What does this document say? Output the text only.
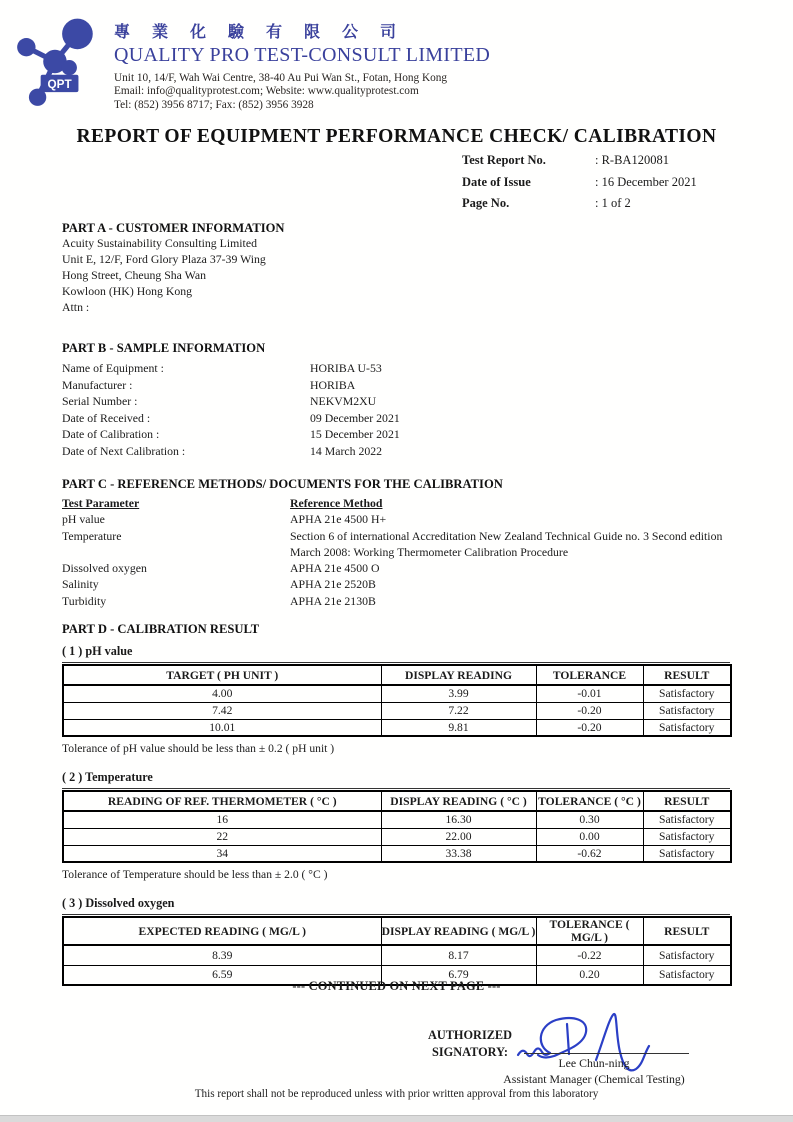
QPT
專 業 化 驗 有 限 公 司
QUALITY PRO TEST-CONSULT LIMITED
Unit 10, 14/F, Wah Wai Centre, 38-40 Au Pui Wan St., Fotan, Hong Kong
Email: info@qualityprotest.com; Website: www.qualityprotest.com
Tel: (852) 3956 8717; Fax: (852) 3956 3928
REPORT OF EQUIPMENT PERFORMANCE CHECK/ CALIBRATION
Test Report No.	: R-BA120081
Date of Issue	: 16 December 2021
Page No.	: 1 of 2
PART A - CUSTOMER INFORMATION
Acuity Sustainability Consulting Limited
Unit E, 12/F, Ford Glory Plaza 37-39 Wing
Hong Street, Cheung Sha Wan
Kowloon (HK) Hong Kong
Attn :
PART B - SAMPLE INFORMATION
Name of Equipment :	HORIBA U-53
Manufacturer :	HORIBA
Serial Number :	NEKVM2XU
Date of Received :	09 December 2021
Date of Calibration :	15 December 2021
Date of Next Calibration :	14 March 2022
PART C - REFERENCE METHODS/ DOCUMENTS FOR THE CALIBRATION
Test Parameter	Reference Method
pH value	APHA 21e 4500 H+
Temperature	Section 6 of international Accreditation New Zealand Technical Guide no. 3 Second edition March 2008: Working Thermometer Calibration Procedure
Dissolved oxygen	APHA 21e 4500 O
Salinity	APHA 21e 2520B
Turbidity	APHA 21e 2130B
PART D - CALIBRATION RESULT
( 1 ) pH value
TARGET ( PH UNIT )	DISPLAY READING	TOLERANCE	RESULT
4.00	3.99	-0.01	Satisfactory
7.42	7.22	-0.20	Satisfactory
10.01	9.81	-0.20	Satisfactory
Tolerance of pH value should be less than ± 0.2 ( pH unit )
( 2 ) Temperature
READING OF REF. THERMOMETER ( °C )	DISPLAY READING ( °C )	TOLERANCE ( °C )	RESULT
16	16.30	0.30	Satisfactory
22	22.00	0.00	Satisfactory
34	33.38	-0.62	Satisfactory
Tolerance of Temperature should be less than ± 2.0 ( °C )
( 3 ) Dissolved oxygen
EXPECTED READING ( MG/L )	DISPLAY READING ( MG/L )	TOLERANCE ( MG/L )	RESULT
8.39	8.17	-0.22	Satisfactory
6.59	6.79	0.20	Satisfactory
--- CONTINUED ON NEXT PAGE ---
AUTHORIZED
SIGNATORY:
Lee Chun-ning
Assistant Manager (Chemical Testing)
This report shall not be reproduced unless with prior written approval from this laboratory
